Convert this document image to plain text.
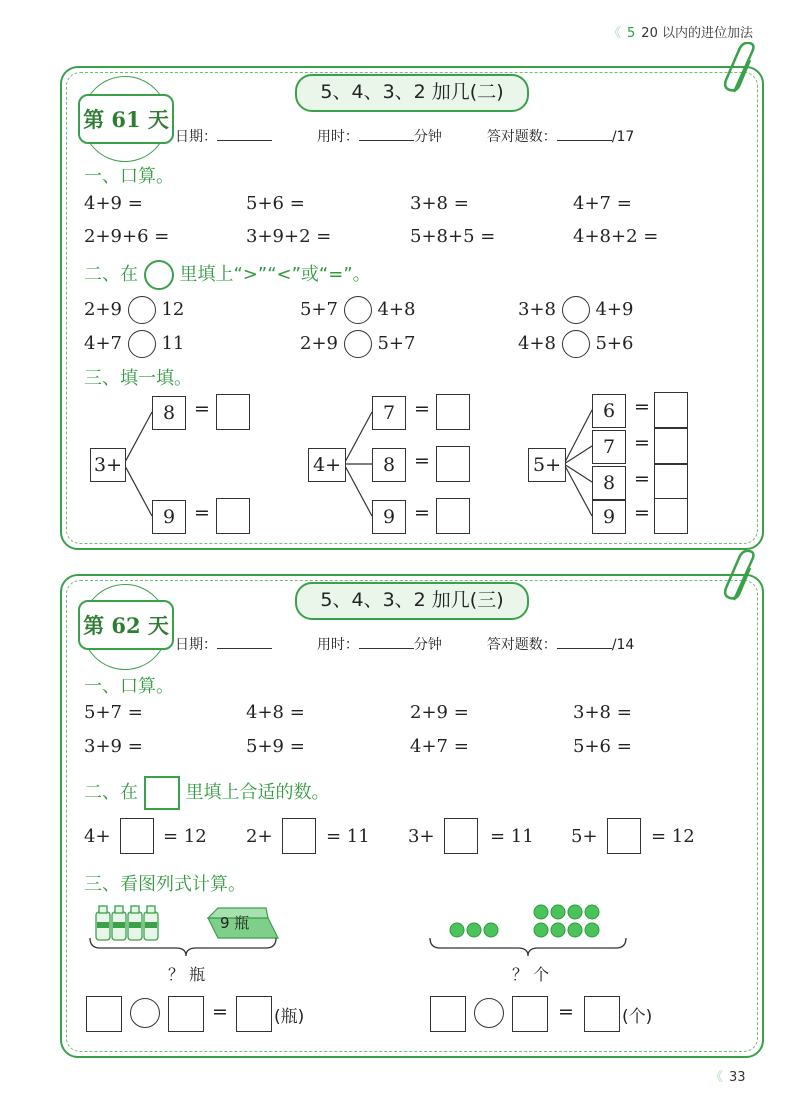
《 5 20 以内的进位加法
5、4、3、2 加几(二)
第 61 天
日期：	用时：	分钟	答对题数：	/17
一、口算。
4+9 =	5+6 =	3+8 =	4+7 =
2+9+6 =	3+9+2 =	5+8+5 =	4+8+2 =
二、在 里填上“>”“<”或“=”。
2+9 12	5+7 4+8	3+8 4+9
4+7 11	2+9 5+7	4+8 5+6
三、填一填。
3+
8 =
9 =
4+
7 =
8 =
9 =
5+
6 =
7 =
8 =
9 =
5、4、3、2 加几(三)
第 62 天
日期：	用时：	分钟	答对题数：	/14
一、口算。
5+7 =	4+8 =	2+9 =	3+8 =
3+9 =	5+9 =	4+7 =	5+6 =
二、在	里填上合适的数。
4+	= 12 2+	= 11 3+	= 11 5+	= 12
三、看图列式计算。
9 瓶
？ 瓶	？ 个
=	(瓶)	=	(个)
《 33
